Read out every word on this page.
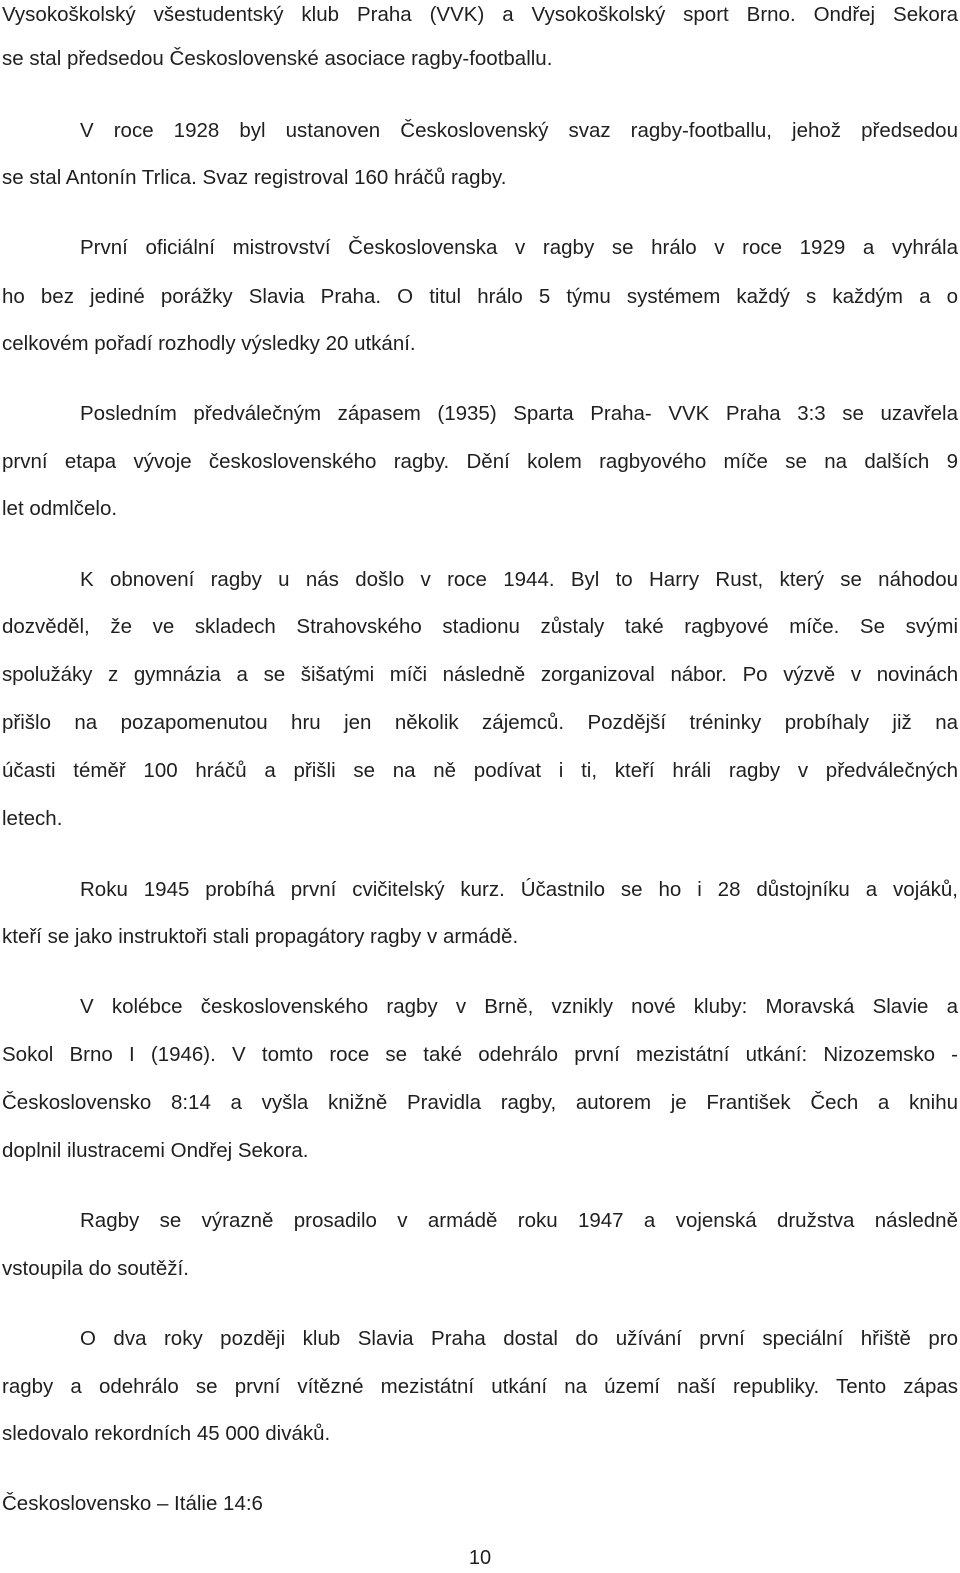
Vysokoškolský všestudentský klub Praha (VVK) a Vysokoškolský sport Brno. Ondřej Sekora
se stal předsedou Československé asociace ragby-footballu.
V roce 1928 byl ustanoven Československý svaz ragby-footballu, jehož předsedou
se stal Antonín Trlica. Svaz registroval 160 hráčů ragby.
První oficiální mistrovství Československa v ragby se hrálo v roce 1929 a vyhrála
ho bez jediné porážky Slavia Praha. O titul hrálo 5 týmu systémem každý s každým a o
celkovém pořadí rozhodly výsledky 20 utkání.
Posledním předválečným zápasem (1935) Sparta Praha- VVK Praha 3:3 se uzavřela
první etapa vývoje československého ragby. Dění kolem ragbyového míče se na dalších 9
let odmlčelo.
K obnovení ragby u nás došlo v roce 1944. Byl to Harry Rust, který se náhodou
dozvěděl, že ve skladech Strahovského stadionu zůstaly také ragbyové míče. Se svými
spolužáky z gymnázia a se šišatými míči následně zorganizoval nábor. Po výzvě v novinách
přišlo na pozapomenutou hru jen několik zájemců. Pozdější tréninky probíhaly již na
účasti téměř 100 hráčů a přišli se na ně podívat i ti, kteří hráli ragby v předválečných
letech.
Roku 1945 probíhá první cvičitelský kurz. Účastnilo se ho i 28 důstojníku a vojáků,
kteří se jako instruktoři stali propagátory ragby v armádě.
V kolébce československého ragby v Brně, vznikly nové kluby: Moravská Slavie a
Sokol Brno I (1946). V tomto roce se také odehrálo první mezistátní utkání: Nizozemsko -
Československo 8:14 a vyšla knižně Pravidla ragby, autorem je František Čech a knihu
doplnil ilustracemi Ondřej Sekora.
Ragby se výrazně prosadilo v armádě roku 1947 a vojenská družstva následně
vstoupila do soutěží.
O dva roky později klub Slavia Praha dostal do užívání první speciální hřiště pro
ragby a odehrálo se první vítězné mezistátní utkání na území naší republiky. Tento zápas
sledovalo rekordních 45 000 diváků.
Československo – Itálie 14:6
10
